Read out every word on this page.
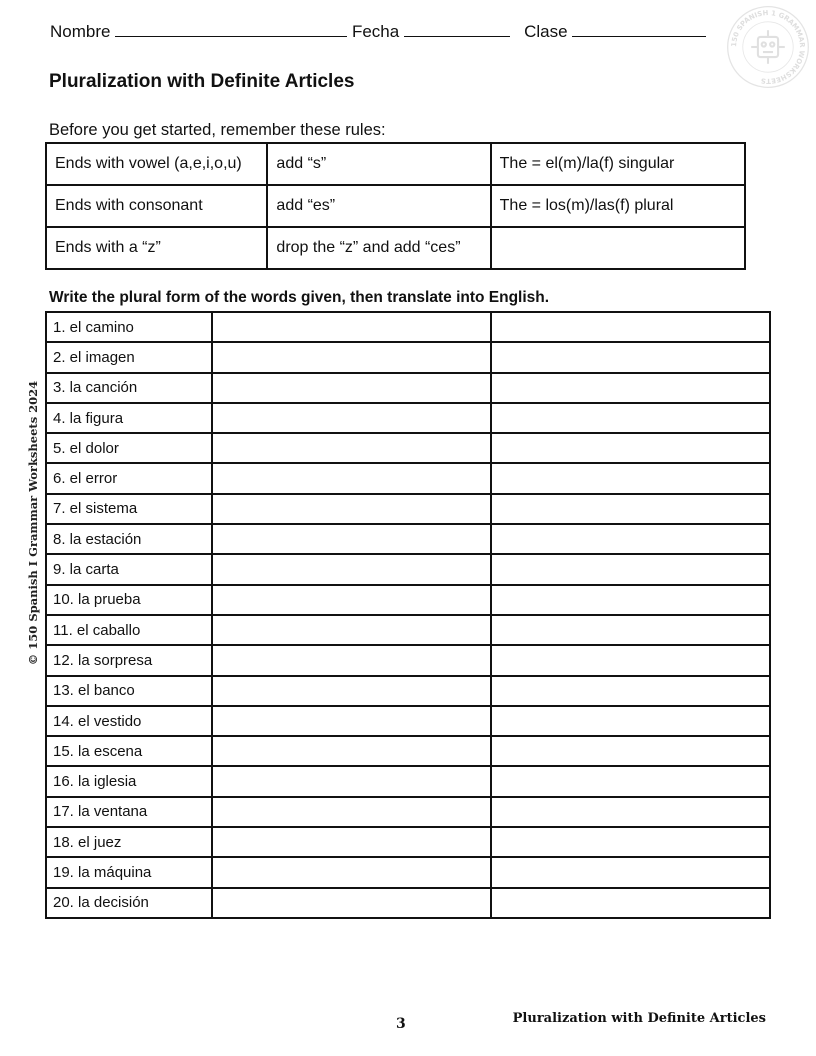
Nombre	Fecha	Clase
150 SPANISH 1 GRAMMAR WORKSHEETS
Pluralization with Definite Articles
Before you get started, remember these rules:
Ends with vowel (a,e,i,o,u)	add “s”	The = el(m)/la(f) singular
Ends with consonant	add “es”	The = los(m)/las(f) plural
Ends with a “z”	drop the “z” and add “ces”	
Write the plural form of the words given, then translate into English.
1. el camino		
2. el imagen		
3. la canción		
4. la figura		
5. el dolor		
6. el error		
7. el sistema		
8. la estación		
9. la carta		
10. la prueba		
11. el caballo		
12. la sorpresa		
13. el banco		
14. el vestido		
15. la escena		
16. la iglesia		
17. la ventana		
18. el juez		
19. la máquina		
20. la decisión		
© 150 Spanish I Grammar Worksheets 2024
3	Pluralization with Definite Articles
